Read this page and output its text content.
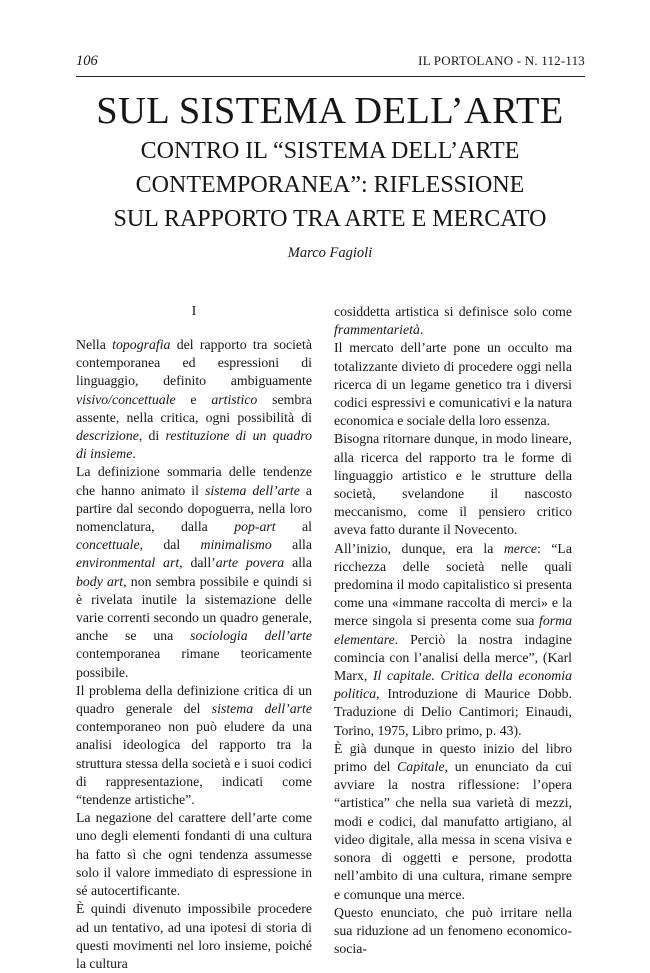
106	IL PORTOLANO - N. 112-113
SUL SISTEMA DELL’ARTE
CONTRO IL “SISTEMA DELL’ARTE
CONTEMPORANEA”: RIFLESSIONE
SUL RAPPORTO TRA ARTE E MERCATO
Marco Fagioli
I

Nella topografia del rapporto tra società contemporanea ed espressioni di linguaggio, definito ambiguamente visivo/concettuale e artistico sembra assente, nella critica, ogni possibilità di descrizione, di restituzione di un quadro di insieme.

La definizione sommaria delle tendenze che hanno animato il sistema dell’arte a partire dal secondo dopoguerra, nella loro nomenclatura, dalla pop-art al concettuale, dal minimalismo alla environmental art, dall’arte povera alla body art, non sembra possibile e quindi si è rivelata inutile la sistemazione delle varie correnti secondo un quadro generale, anche se una sociologia dell’arte contemporanea rimane teoricamente possibile.

Il problema della definizione critica di un quadro generale del sistema dell’arte contemporaneo non può eludere da una analisi ideologica del rapporto tra la struttura stessa della società e i suoi codici di rappresentazione, indicati come “tendenze artistiche”.

La negazione del carattere dell’arte come uno degli elementi fondanti di una cultura ha fatto sì che ogni tendenza assumesse solo il valore immediato di espressione in sé autocertificante.

È quindi divenuto impossibile procedere ad un tentativo, ad una ipotesi di storia di questi movimenti nel loro insieme, poiché la cultura

cosiddetta artistica si definisce solo come frammentarietà.

Il mercato dell’arte pone un occulto ma totalizzante divieto di procedere oggi nella ricerca di un legame genetico tra i diversi codici espressivi e comunicativi e la natura economica e sociale della loro essenza.

Bisogna ritornare dunque, in modo lineare, alla ricerca del rapporto tra le forme di linguaggio artistico e le strutture della società, svelandone il nascosto meccanismo, come il pensiero critico aveva fatto durante il Novecento.

All’inizio, dunque, era la merce: “La ricchezza delle società nelle quali predomina il modo capitalistico si presenta come una «immane raccolta di merci» e la merce singola si presenta come sua forma elementare. Perciò la nostra indagine comincia con l’analisi della merce”, (Karl Marx, Il capitale. Critica della economia politica, Introduzione di Maurice Dobb. Traduzione di Delio Cantimori; Einaudi, Torino, 1975, Libro primo, p. 43).

È già dunque in questo inizio del libro primo del Capitale, un enunciato da cui avviare la nostra riflessione: l’opera “artistica” che nella sua varietà di mezzi, modi e codici, dal manufatto artigiano, al video digitale, alla messa in scena visiva e sonora di oggetti e persone, prodotta nell’ambito di una cultura, rimane sempre e comunque una merce.

Questo enunciato, che può irritare nella sua riduzione ad un fenomeno economico-socia-
